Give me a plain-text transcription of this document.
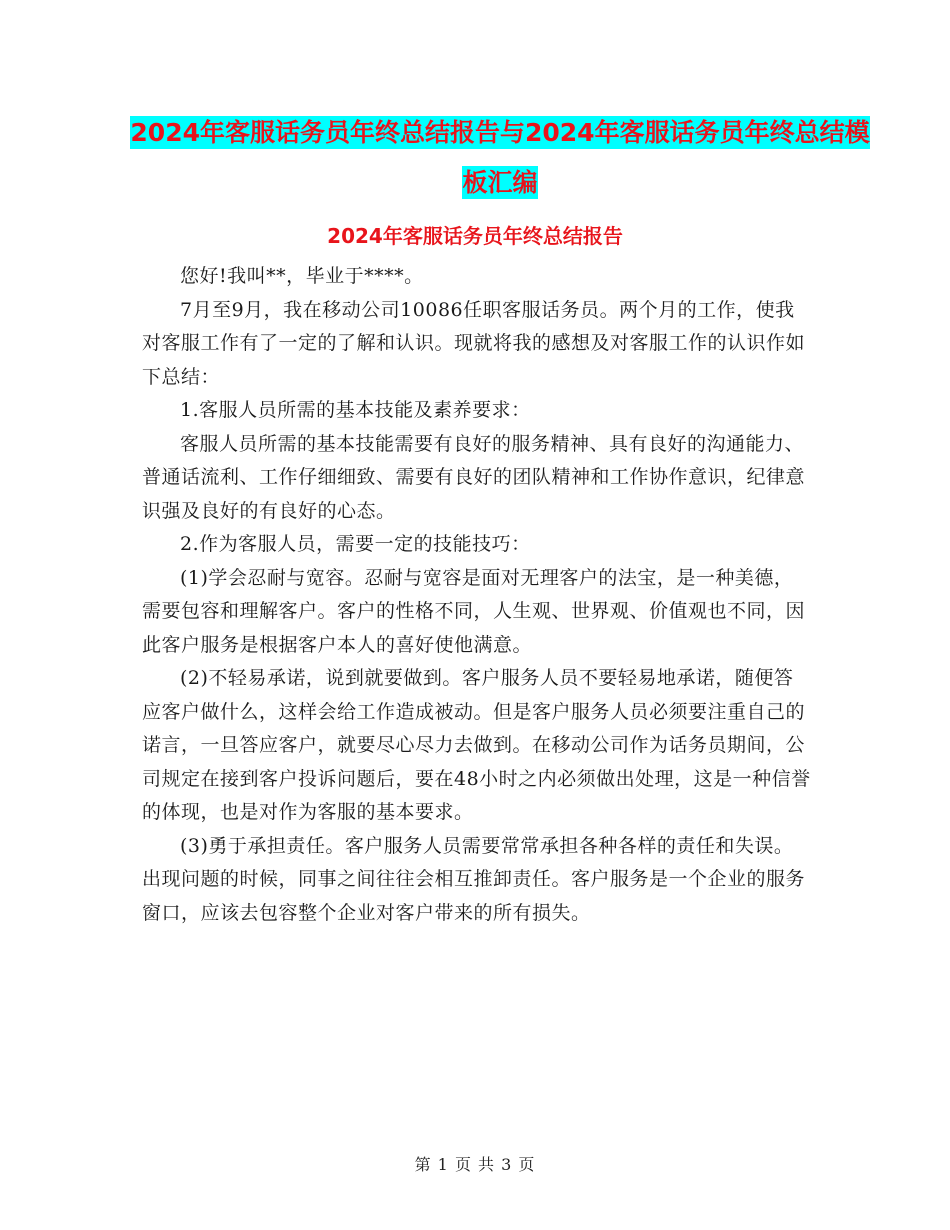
2024年客服话务员年终总结报告与2024年客服话务员年终总结模板汇编
2024年客服话务员年终总结报告

您好!我叫**，毕业于****。

7月至9月，我在移动公司10086任职客服话务员。两个月的工作，使我对客服工作有了一定的了解和认识。现就将我的感想及对客服工作的认识作如下总结：

1.客服人员所需的基本技能及素养要求：

客服人员所需的基本技能需要有良好的服务精神、具有良好的沟通能力、普通话流利、工作仔细细致、需要有良好的团队精神和工作协作意识，纪律意识强及良好的有良好的心态。

2.作为客服人员，需要一定的技能技巧：

(1)学会忍耐与宽容。忍耐与宽容是面对无理客户的法宝，是一种美德，需要包容和理解客户。客户的性格不同，人生观、世界观、价值观也不同，因此客户服务是根据客户本人的喜好使他满意。

(2)不轻易承诺，说到就要做到。客户服务人员不要轻易地承诺，随便答应客户做什么，这样会给工作造成被动。但是客户服务人员必须要注重自己的诺言，一旦答应客户，就要尽心尽力去做到。在移动公司作为话务员期间，公司规定在接到客户投诉问题后，要在48小时之内必须做出处理，这是一种信誉的体现，也是对作为客服的基本要求。

(3)勇于承担责任。客户服务人员需要常常承担各种各样的责任和失误。出现问题的时候，同事之间往往会相互推卸责任。客户服务是一个企业的服务窗口，应该去包容整个企业对客户带来的所有损失。

第 1 页 共 3 页
